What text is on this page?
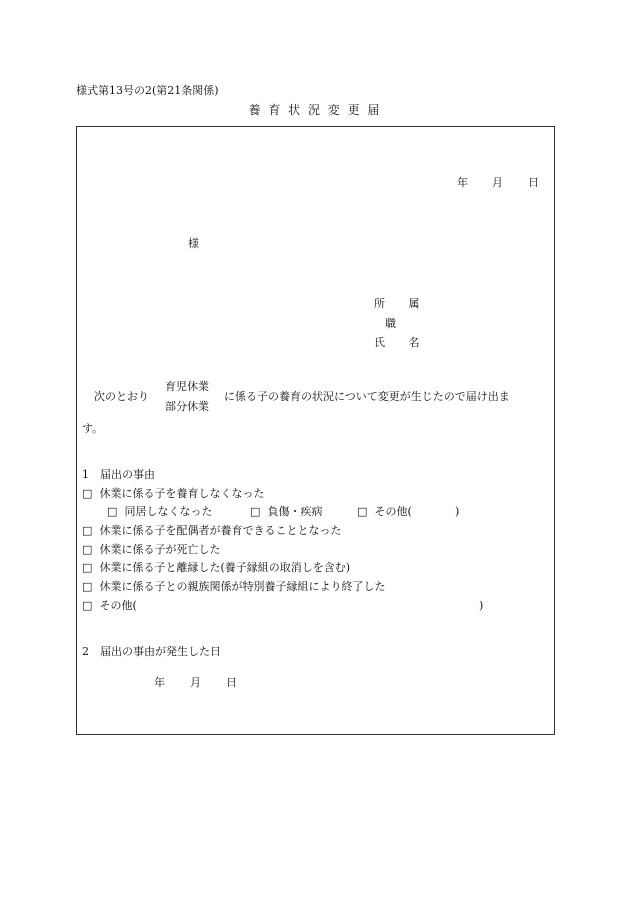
様式第13号の2(第21条関係)
養 育 状 況 変 更 届
年 月 日
様
所 属
職
氏 名
次のとおり
育児休業
部分休業
に係る子の養育の状況について変更が生じたので届け出ま
す。
1　届出の事由
□ 休業に係る子を養育しなくなった
□ 同居しなくなった	□ 負傷・疾病	□ その他(	)
□ 休業に係る子を配偶者が養育できることとなった
□ 休業に係る子が死亡した
□ 休業に係る子と離縁した(養子縁組の取消しを含む)
□ 休業に係る子との親族関係が特別養子縁組により終了した
□ その他(	)
2　届出の事由が発生した日
年 月 日
